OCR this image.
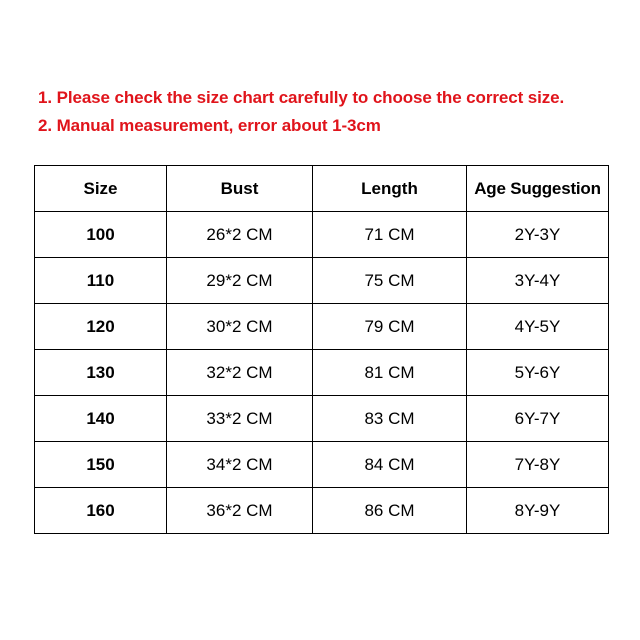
1. Please check the size chart carefully to choose the correct size.
2. Manual measurement, error about 1-3cm
Size	Bust	Length	Age Suggestion
100	26*2 CM	71 CM	2Y-3Y
110	29*2 CM	75 CM	3Y-4Y
120	30*2 CM	79 CM	4Y-5Y
130	32*2 CM	81 CM	5Y-6Y
140	33*2 CM	83 CM	6Y-7Y
150	34*2 CM	84 CM	7Y-8Y
160	36*2 CM	86 CM	8Y-9Y
